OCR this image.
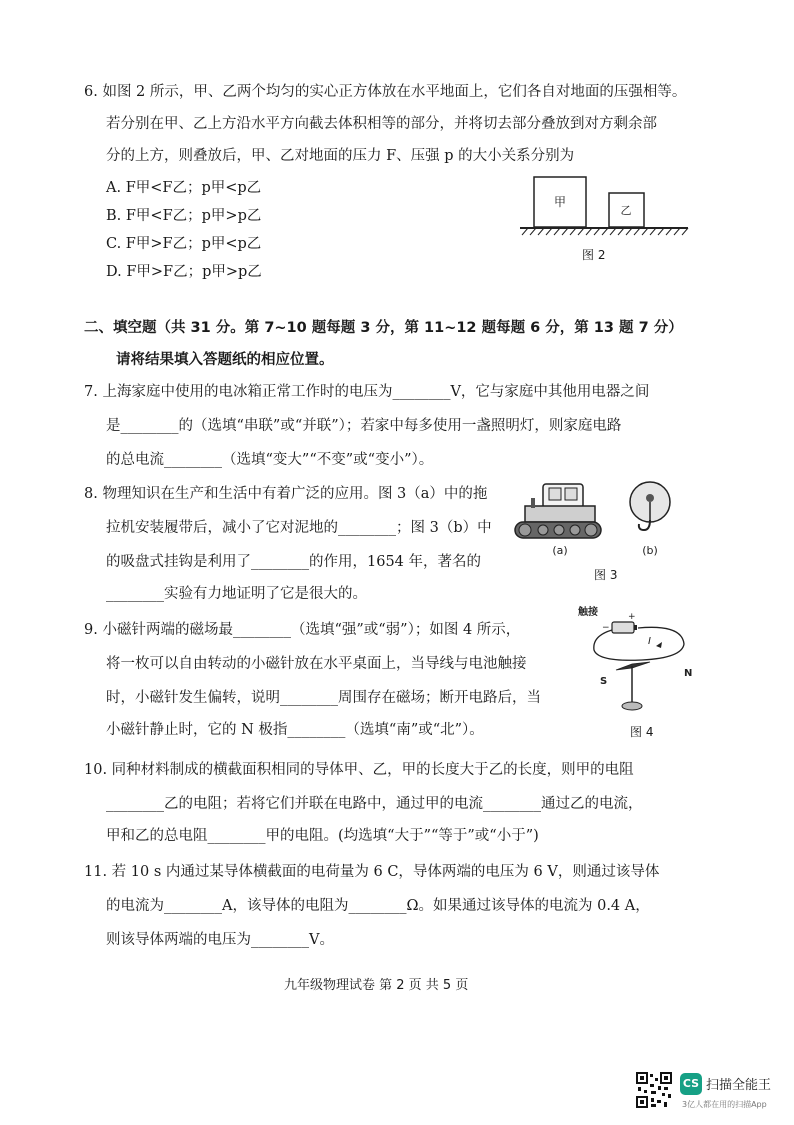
6. 如图 2 所示，甲、乙两个均匀的实心正方体放在水平地面上，它们各自对地面的压强相等。
若分别在甲、乙上方沿水平方向截去体积相等的部分，并将切去部分叠放到对方剩余部
分的上方，则叠放后，甲、乙对地面的压力 F、压强 p 的大小关系分别为
A. F甲<F乙；p甲<p乙
B. F甲<F乙；p甲>p乙
C. F甲>F乙；p甲<p乙
D. F甲>F乙；p甲>p乙
甲
乙
图 2
二、填空题（共 31 分。第 7~10 题每题 3 分，第 11~12 题每题 6 分，第 13 题 7 分）
请将结果填入答题纸的相应位置。
7. 上海家庭中使用的电冰箱正常工作时的电压为________V，它与家庭中其他用电器之间
是________的（选填“串联”或“并联”）；若家中每多使用一盏照明灯，则家庭电路
的总电流________（选填“变大”“不变”或“变小”）。
8. 物理知识在生产和生活中有着广泛的应用。图 3（a）中的拖
拉机安装履带后，减小了它对泥地的________；图 3（b）中
的吸盘式挂钩是利用了________的作用，1654 年，著名的
________实验有力地证明了它是很大的。
(a)	(b)
图 3
9. 小磁针两端的磁场最________（选填“强”或“弱”）；如图 4 所示，
将一枚可以自由转动的小磁针放在水平桌面上，当导线与电池触接
时，小磁针发生偏转，说明________周围存在磁场；断开电路后，当
小磁针静止时，它的 N 极指________（选填“南”或“北”）。
触接	+
−
I
S
N
图 4
10. 同种材料制成的横截面积相同的导体甲、乙，甲的长度大于乙的长度，则甲的电阻
________乙的电阻；若将它们并联在电路中，通过甲的电流________通过乙的电流，
甲和乙的总电阻________甲的电阻。(均选填“大于”“等于”或“小于”)
11. 若 10 s 内通过某导体横截面的电荷量为 6 C，导体两端的电压为 6 V，则通过该导体
的电流为________A，该导体的电阻为________Ω。如果通过该导体的电流为 0.4 A，
则该导体两端的电压为________V。
九年级物理试卷 第 2 页 共 5 页
CS 扫描全能王
3亿人都在用的扫描App
